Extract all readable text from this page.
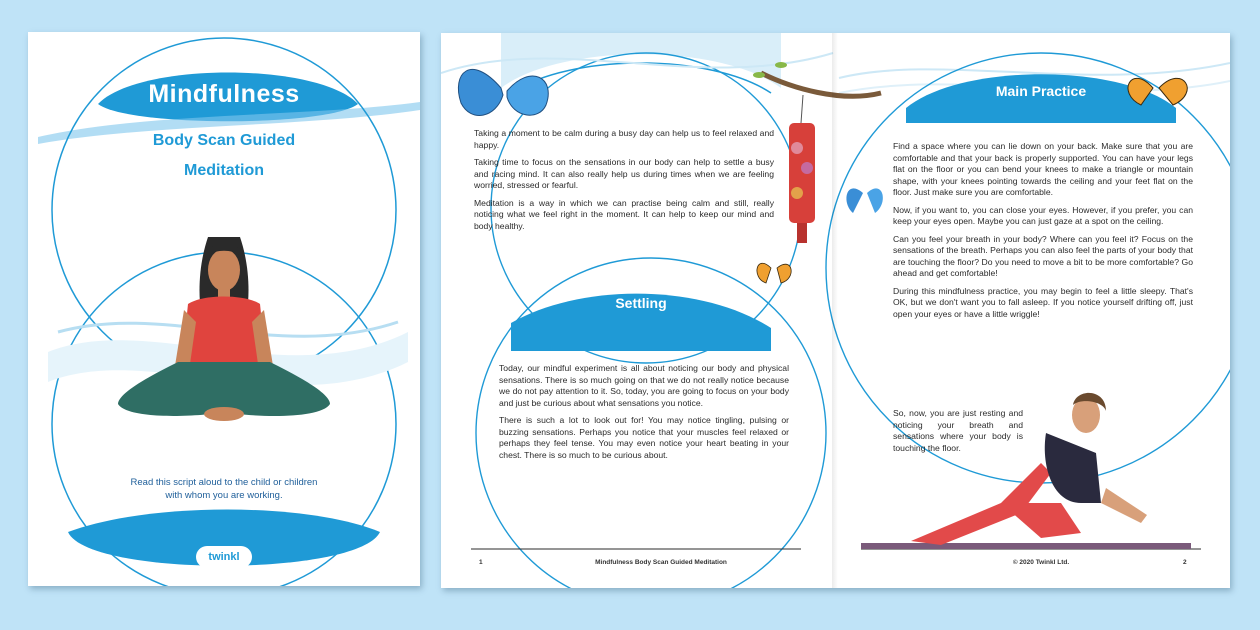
Mindfulness
Body Scan Guided
Meditation
Read this script aloud to the child or children with whom you are working.
twinkl

Taking a moment to be calm during a busy day can help us to feel relaxed and happy.

Taking time to focus on the sensations in our body can help to settle a busy and racing mind. It can also really help us during times when we are feeling worried, stressed or fearful.

Meditation is a way in which we can practise being calm and still, really noticing what we feel right in the moment. It can help to keep our mind and body healthy.

Settling

Today, our mindful experiment is all about noticing our body and physical sensations. There is so much going on that we do not really notice because we do not pay attention to it. So, today, you are going to focus on your body and just be curious about what sensations you notice.

There is such a lot to look out for! You may notice tingling, pulsing or buzzing sensations. Perhaps you notice that your muscles feel relaxed or perhaps they feel tense. You may even notice your heart beating in your chest. There is so much to be curious about.

1	Mindfulness Body Scan Guided Meditation
Main Practice

Find a space where you can lie down on your back. Make sure that you are comfortable and that your back is properly supported. You can have your legs flat on the floor or you can bend your knees to make a triangle or mountain shape, with your knees pointing towards the ceiling and your feet flat on the floor. Just make sure you are comfortable.

Now, if you want to, you can close your eyes. However, if you prefer, you can keep your eyes open. Maybe you can just gaze at a spot on the ceiling.

Can you feel your breath in your body? Where can you feel it? Focus on the sensations of the breath. Perhaps you can also feel the parts of your body that are touching the floor? Do you need to move a bit to be more comfortable? Go ahead and get comfortable!

During this mindfulness practice, you may begin to feel a little sleepy. That's OK, but we don't want you to fall asleep. If you notice yourself drifting off, just open your eyes or have a little wriggle!

So, now, you are just resting and noticing your breath and sensations where your body is touching the floor.

© 2020 Twinkl Ltd.	2
